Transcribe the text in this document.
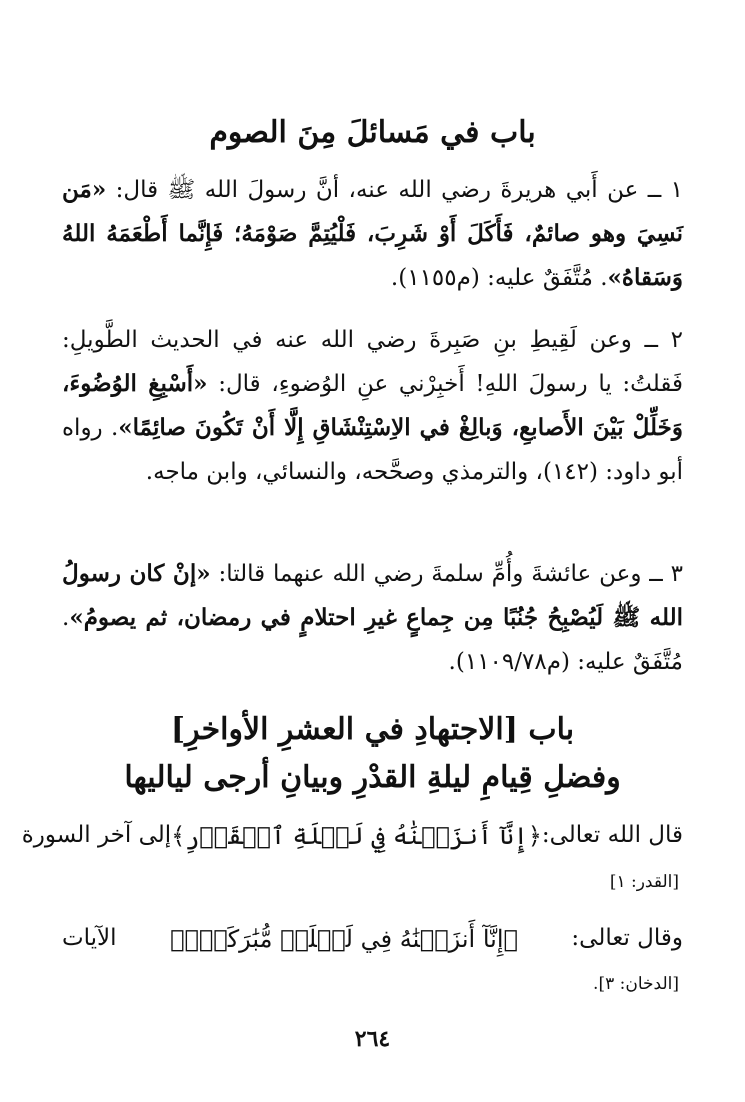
باب في مَسائلَ مِنَ الصوم
١ ــ عن أَبي هريرةَ رضي الله عنه، أنَّ رسولَ الله ﷺ قال: «مَن نَسِيَ وهو صائمٌ، فَأَكَلَ أَوْ شَرِبَ، فَلْيُتِمَّ صَوْمَهُ؛ فَإِنَّما أَطْعَمَهُ اللهُ وَسَقاهُ». مُتَّفَقٌ عليه: (م١١٥٥).
٢ ــ وعن لَقِيطِ بنِ صَبِرةَ رضي الله عنه في الحديث الطَّويلِ: فَقلتُ: يا رسولَ اللهِ! أَخبِرْني عنِ الوُضوءِ، قال: «أَسْبِغِ الوُضُوءَ، وَخَلِّلْ بَيْنَ الأَصابعِ، وَبالِغْ في الاِسْتِنْشَاقِ إِلَّا أَنْ تَكُونَ صائِمًا». رواه أبو داود: (١٤٢)، والترمذي وصحَّحه، والنسائي، وابن ماجه.
٣ ــ وعن عائشةَ وأُمِّ سلمةَ رضي الله عنهما قالتا: «إنْ كان رسولُ الله ﷺ لَيُصْبِحُ جُنُبًا مِن جِماعٍ غيرِ احتلامٍ في رمضان، ثم يصومُ». مُتَّفَقٌ عليه: (م١١٠٩/٧٨).
باب [الاجتهادِ في العشرِ الأواخرِ]
وفضلِ قِيامِ ليلةِ القدْرِ وبيانِ أرجى لياليها
قال الله تعالى:
﴿إِنَّآ أَنزَلۡنَٰهُ فِي لَيۡلَةِ ٱلۡقَدۡرِ﴾
إلى آخر السورة
[القدر: ١]
وقال تعالى:
﴿إِنَّآ أَنزَلۡنَٰهُ فِي لَيۡلَةٖ مُّبَٰرَكَةٍۚ﴾
الآيات
[الدخان: ٣].
٢٦٤
